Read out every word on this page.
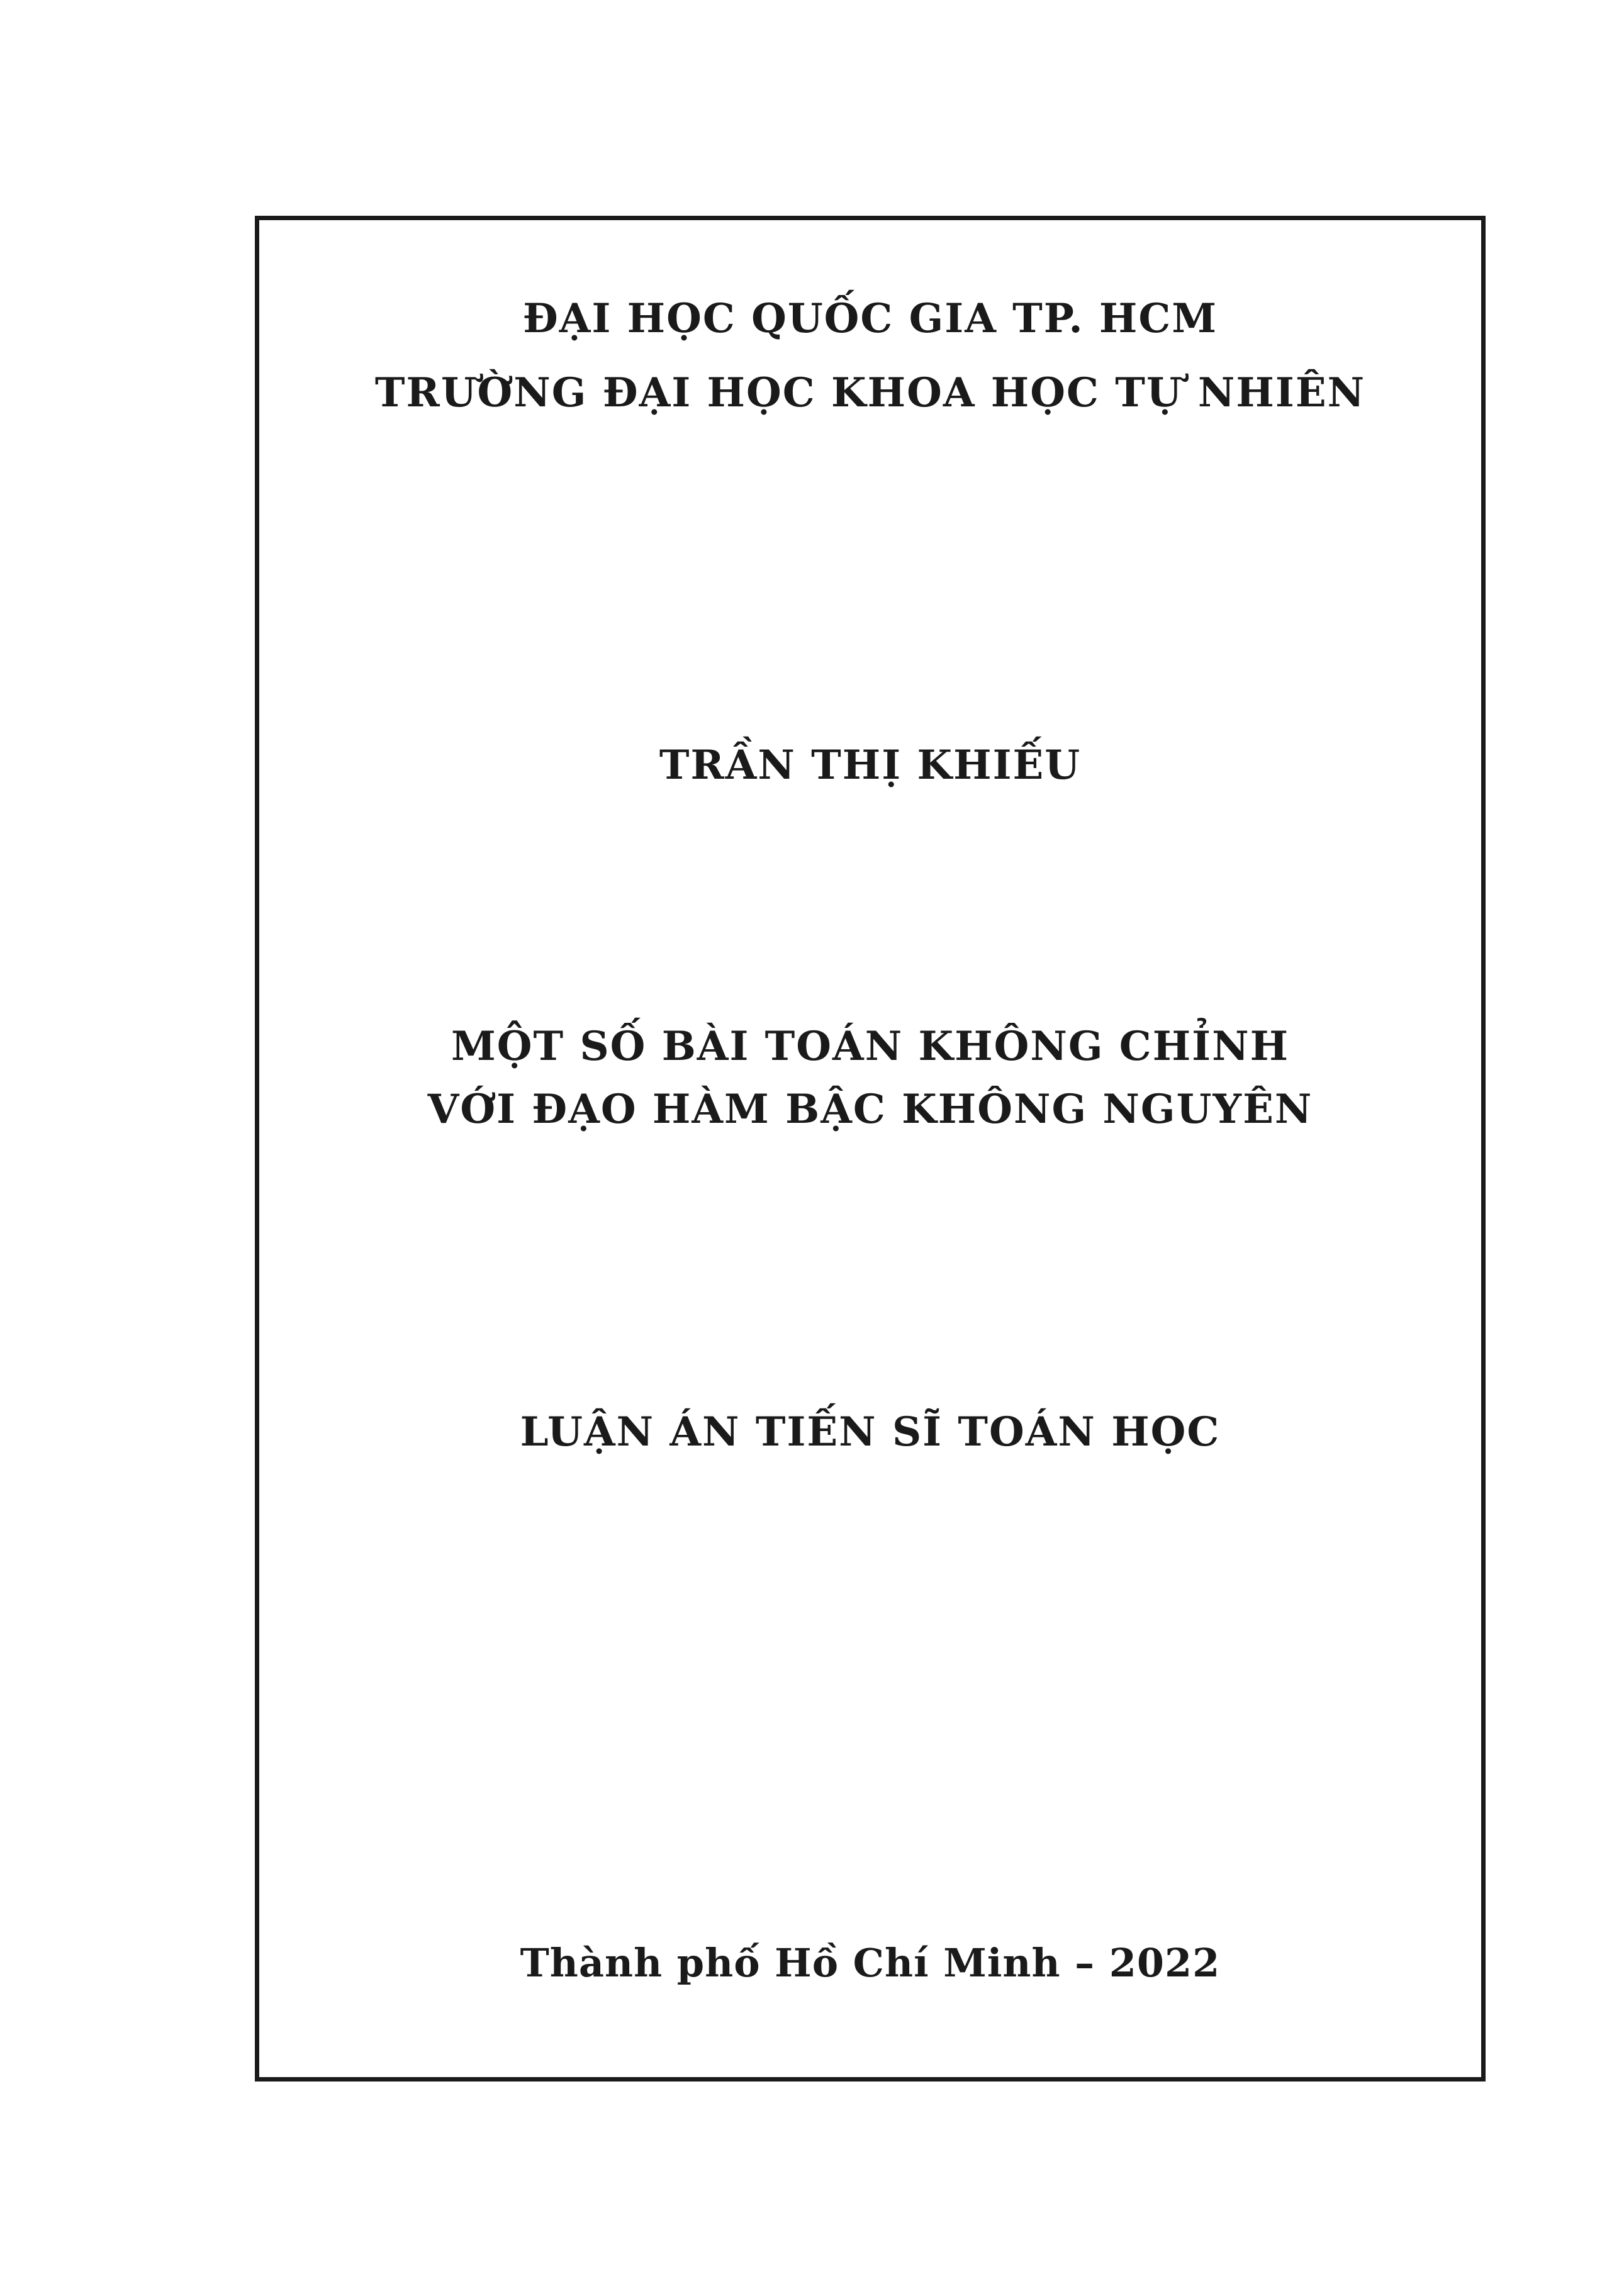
ĐẠI HỌC QUỐC GIA TP. HCM
TRƯỜNG ĐẠI HỌC KHOA HỌC TỰ NHIÊN
TRẦN THỊ KHIẾU
MỘT SỐ BÀI TOÁN KHÔNG CHỈNH
VỚI ĐẠO HÀM BẬC KHÔNG NGUYÊN
LUẬN ÁN TIẾN SĨ TOÁN HỌC
Thành phố Hồ Chí Minh – 2022
